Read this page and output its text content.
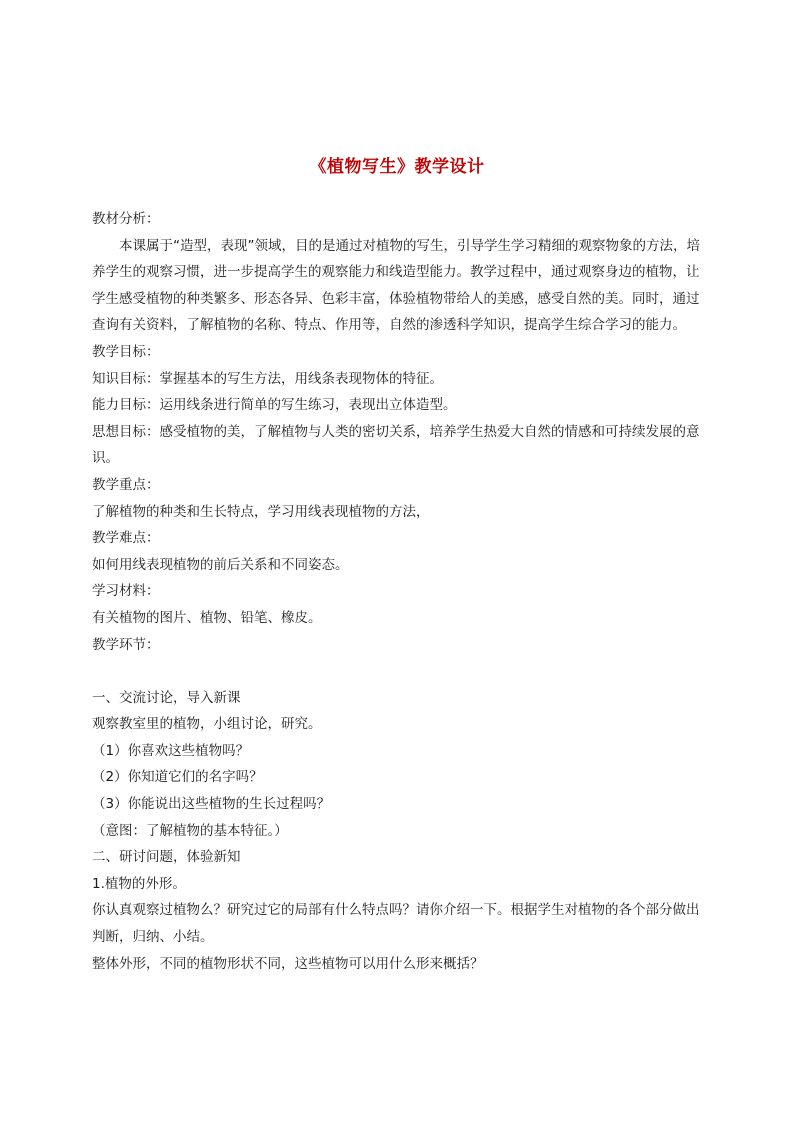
《植物写生》教学设计

教材分析：

本课属于“造型，表现”领域，目的是通过对植物的写生，引导学生学习精细的观察物象的方法，培养学生的观察习惯，进一步提高学生的观察能力和线造型能力。教学过程中，通过观察身边的植物，让学生感受植物的种类繁多、形态各异、色彩丰富，体验植物带给人的美感，感受自然的美。同时，通过查询有关资料，了解植物的名称、特点、作用等，自然的渗透科学知识，提高学生综合学习的能力。

教学目标：

知识目标：掌握基本的写生方法，用线条表现物体的特征。

能力目标：运用线条进行简单的写生练习，表现出立体造型。

思想目标：感受植物的美，了解植物与人类的密切关系，培养学生热爱大自然的情感和可持续发展的意识。

教学重点：

了解植物的种类和生长特点，学习用线表现植物的方法，

教学难点：

如何用线表现植物的前后关系和不同姿态。

学习材料：

有关植物的图片、植物、铅笔、橡皮。

教学环节：

一、交流讨论，导入新课

观察教室里的植物，小组讨论，研究。

（1）你喜欢这些植物吗？

（2）你知道它们的名字吗？

（3）你能说出这些植物的生长过程吗？

（意图：了解植物的基本特征。）

二、研讨问题，体验新知

1.植物的外形。

你认真观察过植物么？研究过它的局部有什么特点吗？请你介绍一下。根据学生对植物的各个部分做出判断，归纳、小结。

整体外形，不同的植物形状不同，这些植物可以用什么形来概括？
